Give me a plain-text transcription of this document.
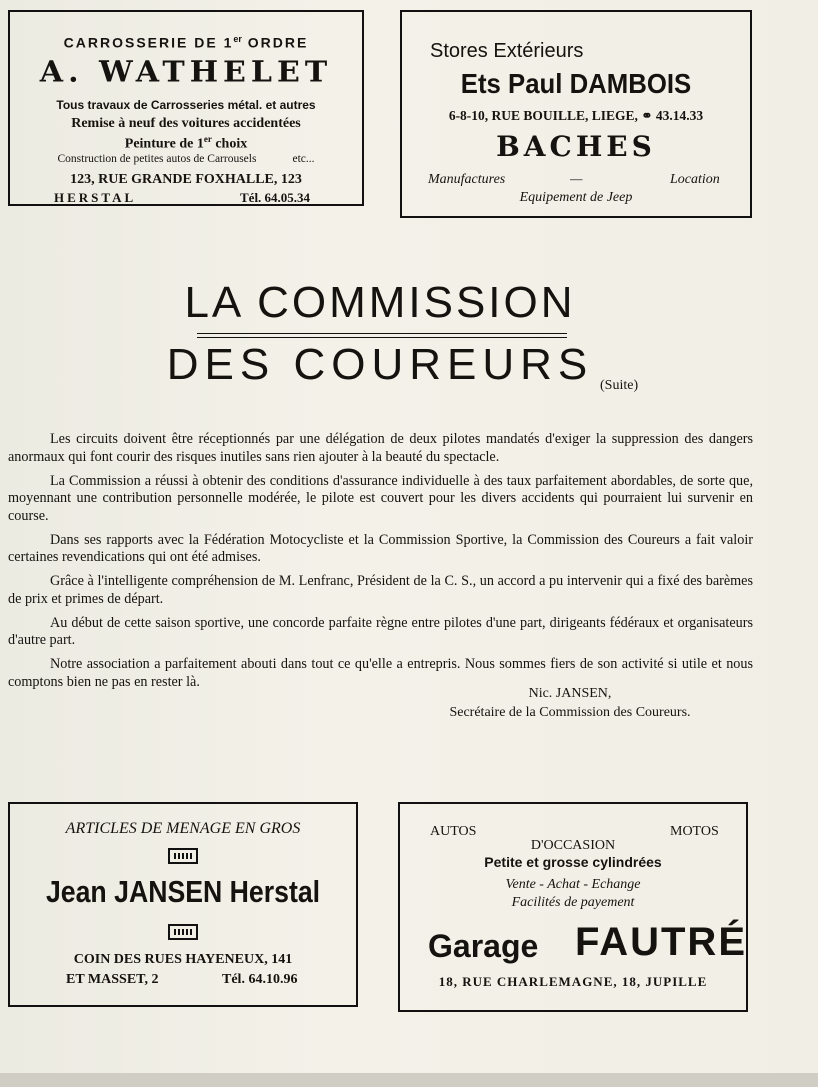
CARROSSERIE DE 1er ORDRE
A. WATHELET
Tous travaux de Carrosseries métal. et autres
Remise à neuf des voitures accidentées
Peinture de 1er choix
Construction de petites autos de Carrousels	etc...
123, RUE GRANDE FOXHALLE, 123
HERSTAL	Tél. 64.05.34
Stores Extérieurs
Ets Paul DAMBOIS
6-8-10, RUE BOUILLE, LIEGE, ⚭ 43.14.33
BACHES
Manufactures	—	Location
Equipement de Jeep
LA COMMISSION
DES COUREURS (Suite)

Les circuits doivent être réceptionnés par une délégation de deux pilotes mandatés d'exiger la suppression des dangers anormaux qui font courir des risques inutiles sans rien ajouter à la beauté du spectacle.

La Commission a réussi à obtenir des conditions d'assurance individuelle à des taux parfaitement abordables, de sorte que, moyennant une contribution personnelle modérée, le pilote est couvert pour les divers accidents qui pourraient lui survenir en course.

Dans ses rapports avec la Fédération Motocycliste et la Commission Sportive, la Commission des Coureurs a fait valoir certaines revendications qui ont été admises.

Grâce à l'intelligente compréhension de M. Lenfranc, Président de la C. S., un accord a pu intervenir qui a fixé des barèmes de prix et primes de départ.

Au début de cette saison sportive, une concorde parfaite règne entre pilotes d'une part, dirigeants fédéraux et organisateurs d'autre part.

Notre association a parfaitement abouti dans tout ce qu'elle a entrepris. Nous sommes fiers de son activité si utile et nous comptons bien ne pas en rester là.

Nic. JANSEN,
Secrétaire de la Commission des Coureurs.
ARTICLES DE MENAGE EN GROS
Jean JANSEN Herstal
COIN DES RUES HAYENEUX, 141
ET MASSET, 2	Tél. 64.10.96
AUTOS	MOTOS
D'OCCASION
Petite et grosse cylindrées
Vente - Achat - Echange
Facilités de payement
Garage FAUTRÉ
18, RUE CHARLEMAGNE, 18, JUPILLE
